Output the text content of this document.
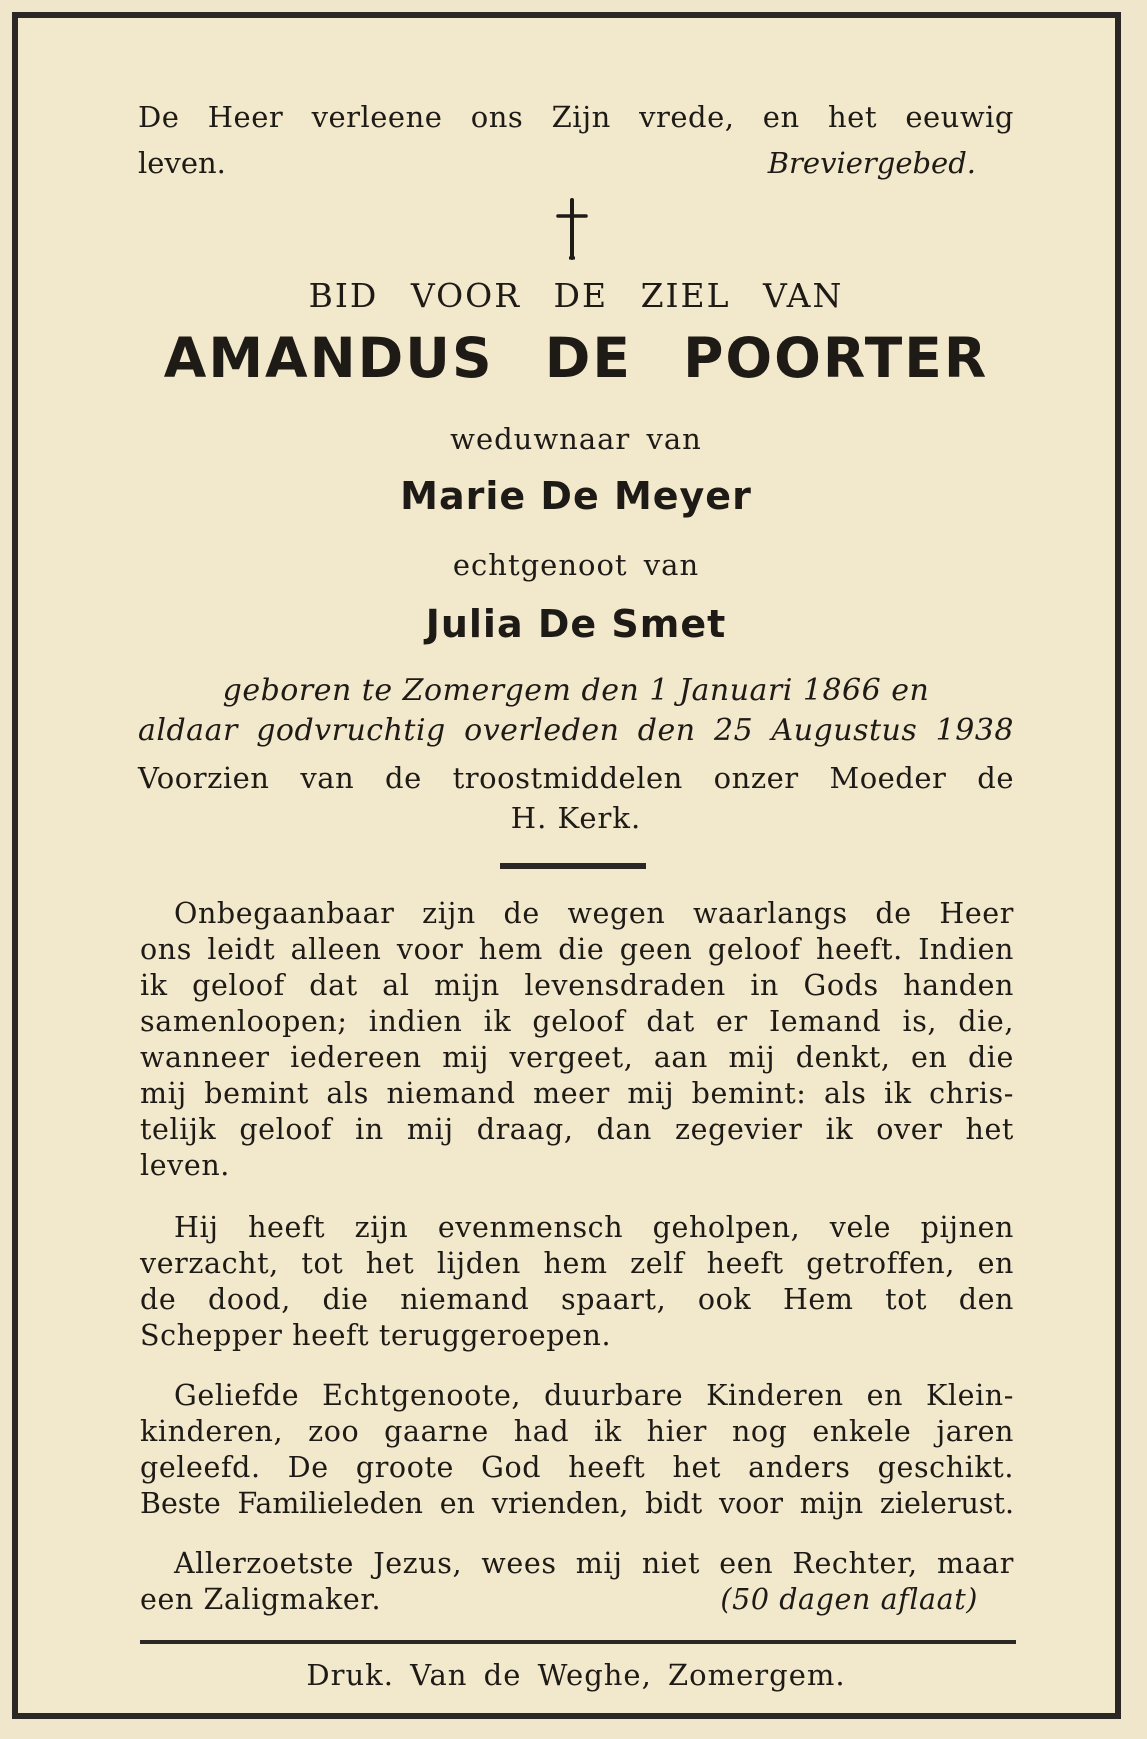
De Heer verleene ons Zijn vrede, en het eeuwig
leven.	Breviergebed.
BID VOOR DE ZIEL VAN
AMANDUS DE POORTER
weduwnaar van
Marie De Meyer
echtgenoot van
Julia De Smet
geboren te Zomergem den 1 Januari 1866 en
aldaar godvruchtig overleden den 25 Augustus 1938
Voorzien van de troostmiddelen onzer Moeder de
H. Kerk.
Onbegaanbaar zijn de wegen waarlangs de Heer
ons leidt alleen voor hem die geen geloof heeft. Indien
ik geloof dat al mijn levensdraden in Gods handen
samenloopen; indien ik geloof dat er Iemand is, die,
wanneer iedereen mij vergeet, aan mij denkt, en die
mij bemint als niemand meer mij bemint: als ik chris-
telijk geloof in mij draag, dan zegevier ik over het
leven.
Hij heeft zijn evenmensch geholpen, vele pijnen
verzacht, tot het lijden hem zelf heeft getroffen, en
de dood, die niemand spaart, ook Hem tot den
Schepper heeft teruggeroepen.
Geliefde Echtgenoote, duurbare Kinderen en Klein-
kinderen, zoo gaarne had ik hier nog enkele jaren
geleefd. De groote God heeft het anders geschikt.
Beste Familieleden en vrienden, bidt voor mijn zielerust.
Allerzoetste Jezus, wees mij niet een Rechter, maar
een Zaligmaker.	(50 dagen aflaat)
Druk. Van de Weghe, Zomergem.
